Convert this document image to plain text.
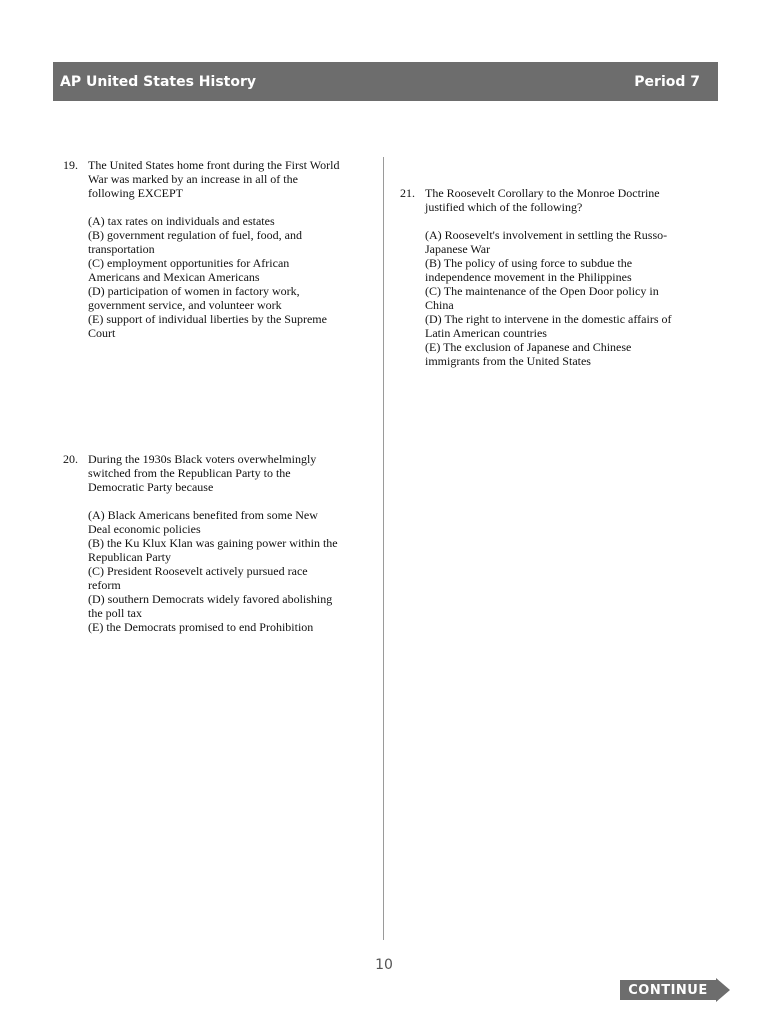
AP United States History	Period 7
19. The United States home front during the First World War was marked by an increase in all of the following EXCEPT
(A) tax rates on individuals and estates
(B) government regulation of fuel, food, and transportation
(C) employment opportunities for African Americans and Mexican Americans
(D) participation of women in factory work, government service, and volunteer work
(E) support of individual liberties by the Supreme Court
20. During the 1930s Black voters overwhelmingly switched from the Republican Party to the Democratic Party because
(A) Black Americans benefited from some New Deal economic policies
(B) the Ku Klux Klan was gaining power within the Republican Party
(C) President Roosevelt actively pursued race reform
(D) southern Democrats widely favored abolishing the poll tax
(E) the Democrats promised to end Prohibition
21. The Roosevelt Corollary to the Monroe Doctrine justified which of the following?
(A) Roosevelt's involvement in settling the Russo-Japanese War
(B) The policy of using force to subdue the independence movement in the Philippines
(C) The maintenance of the Open Door policy in China
(D) The right to intervene in the domestic affairs of Latin American countries
(E) The exclusion of Japanese and Chinese immigrants from the United States
10
CONTINUE
